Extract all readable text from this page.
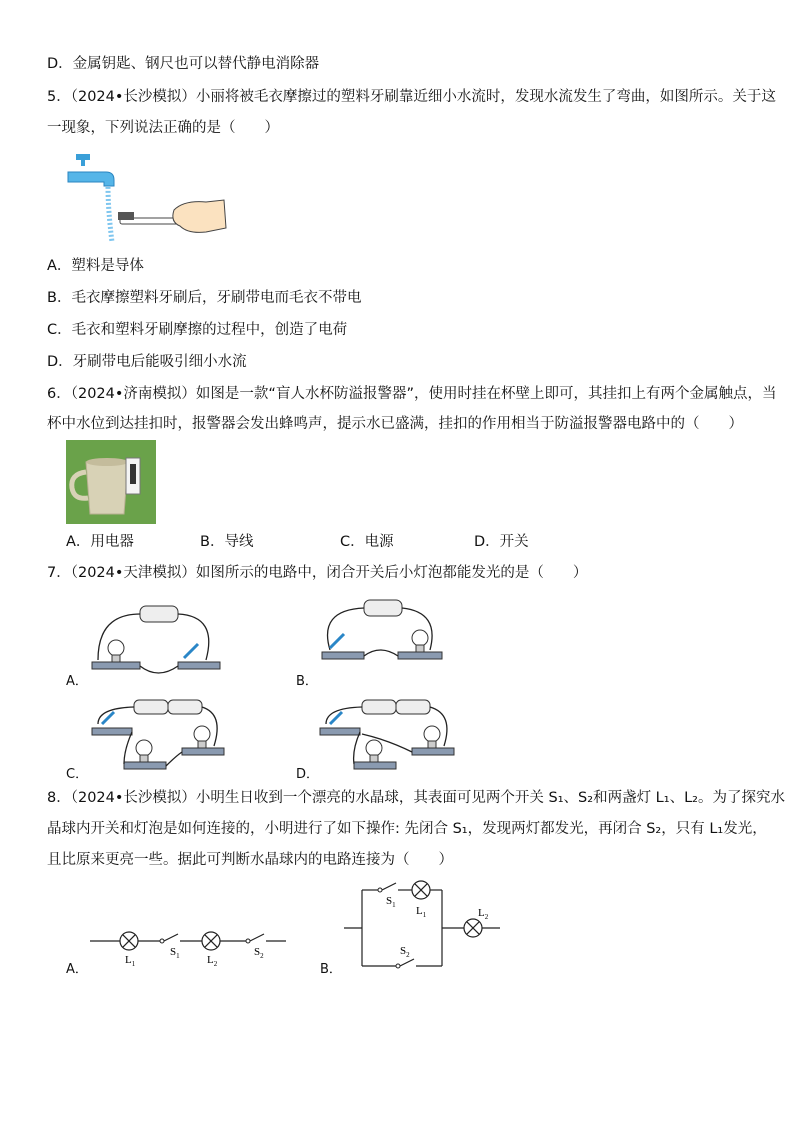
D．金属钥匙、钢尺也可以替代静电消除器
5．（2024•长沙模拟）小丽将被毛衣摩擦过的塑料牙刷靠近细小水流时，发现水流发生了弯曲，如图所示。关于这
一现象，下列说法正确的是（　　）
A．塑料是导体
B．毛衣摩擦塑料牙刷后，牙刷带电而毛衣不带电
C．毛衣和塑料牙刷摩擦的过程中，创造了电荷
D．牙刷带电后能吸引细小水流
6．（2024•济南模拟）如图是一款“盲人水杯防溢报警器”，使用时挂在杯壁上即可，其挂扣上有两个金属触点，当
杯中水位到达挂扣时，报警器会发出蜂鸣声，提示水已盛满，挂扣的作用相当于防溢报警器电路中的（　　）
A．用电器	B．导线	C．电源	D．开关
7．（2024•天津模拟）如图所示的电路中，闭合开关后小灯泡都能发光的是（　　）
A．	B．
C．	D．
8．（2024•长沙模拟）小明生日收到一个漂亮的水晶球，其表面可见两个开关 S₁、S₂和两盏灯 L₁、L₂。为了探究水
晶球内开关和灯泡是如何连接的，小明进行了如下操作: 先闭合 S₁，发现两灯都发光，再闭合 S₂，只有 L₁发光，
且比原来更亮一些。据此可判断水晶球内的电路连接为（　　）
A．
$L_1$
$S_1$ $L_2$
$S_2$
B．
$S_1$ $L_1$
$S_2$
$L_2$
